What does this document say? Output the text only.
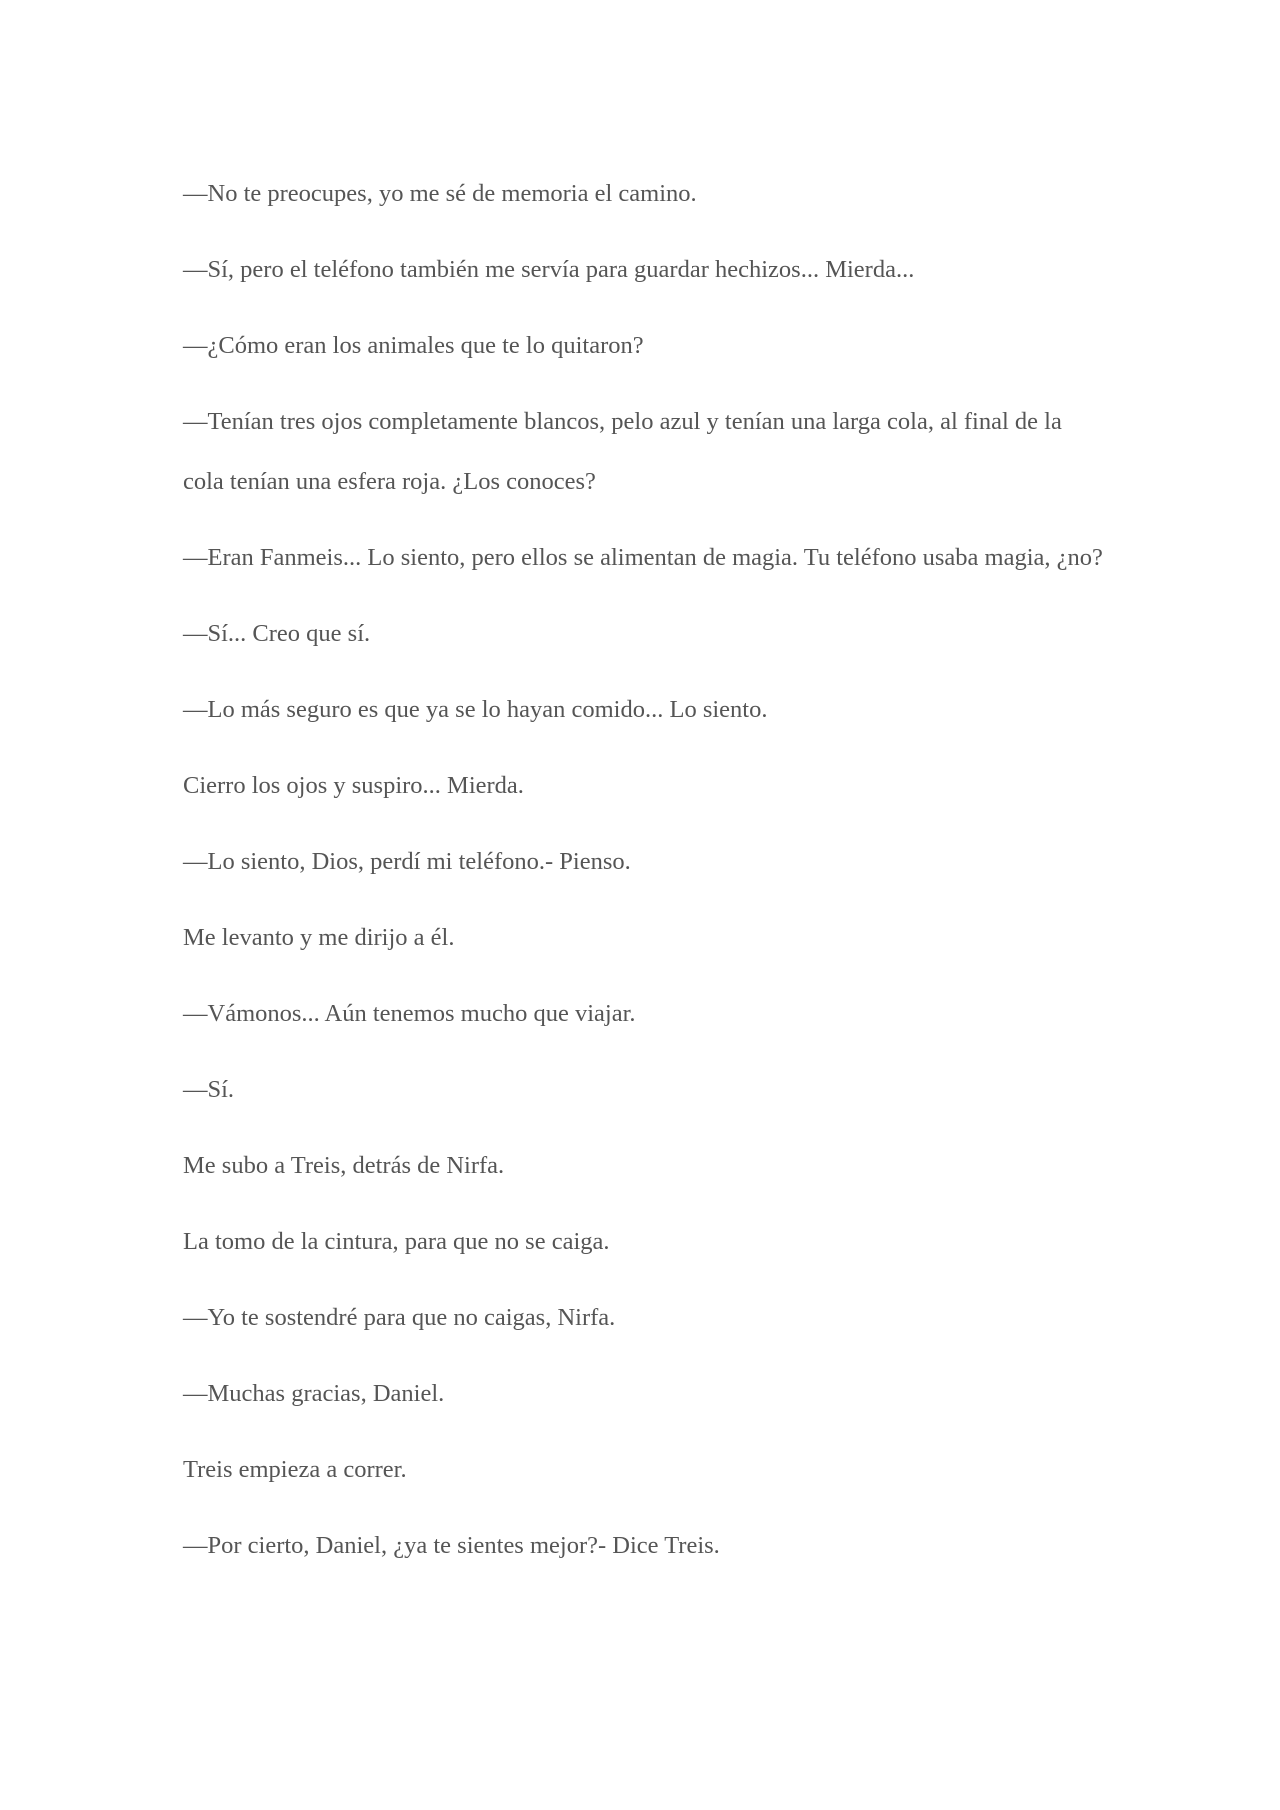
—No te preocupes, yo me sé de memoria el camino.

—Sí, pero el teléfono también me servía para guardar hechizos... Mierda...

—¿Cómo eran los animales que te lo quitaron?

—Tenían tres ojos completamente blancos, pelo azul y tenían una larga cola, al final de la cola tenían una esfera roja. ¿Los conoces?

—Eran Fanmeis... Lo siento, pero ellos se alimentan de magia. Tu teléfono usaba magia, ¿no?

—Sí... Creo que sí.

—Lo más seguro es que ya se lo hayan comido... Lo siento.

Cierro los ojos y suspiro... Mierda.

—Lo siento, Dios, perdí mi teléfono.- Pienso.

Me levanto y me dirijo a él.

—Vámonos... Aún tenemos mucho que viajar.

—Sí.

Me subo a Treis, detrás de Nirfa.

La tomo de la cintura, para que no se caiga.

—Yo te sostendré para que no caigas, Nirfa.

—Muchas gracias, Daniel.

Treis empieza a correr.

—Por cierto, Daniel, ¿ya te sientes mejor?- Dice Treis.
